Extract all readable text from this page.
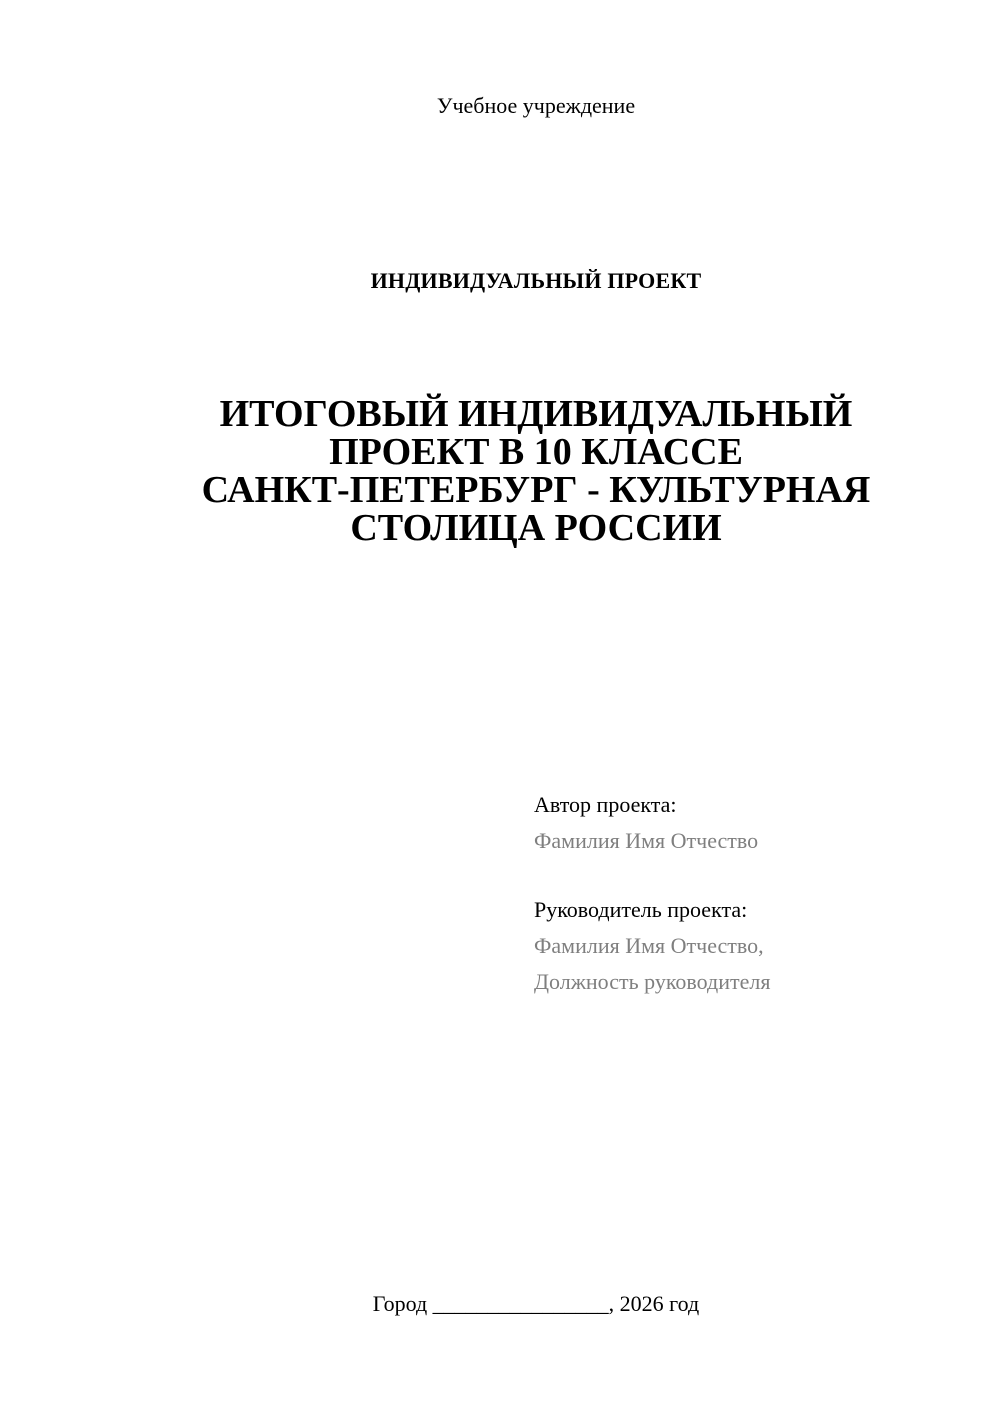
Учебное учреждение
ИНДИВИДУАЛЬНЫЙ ПРОЕКТ
ИТОГОВЫЙ ИНДИВИДУАЛЬНЫЙ
ПРОЕКТ В 10 КЛАССЕ
САНКТ-ПЕТЕРБУРГ - КУЛЬТУРНАЯ
СТОЛИЦА РОССИИ
Автор проекта:
Фамилия Имя Отчество
Руководитель проекта:
Фамилия Имя Отчество,
Должность руководителя
Город ________________, 2026 год
